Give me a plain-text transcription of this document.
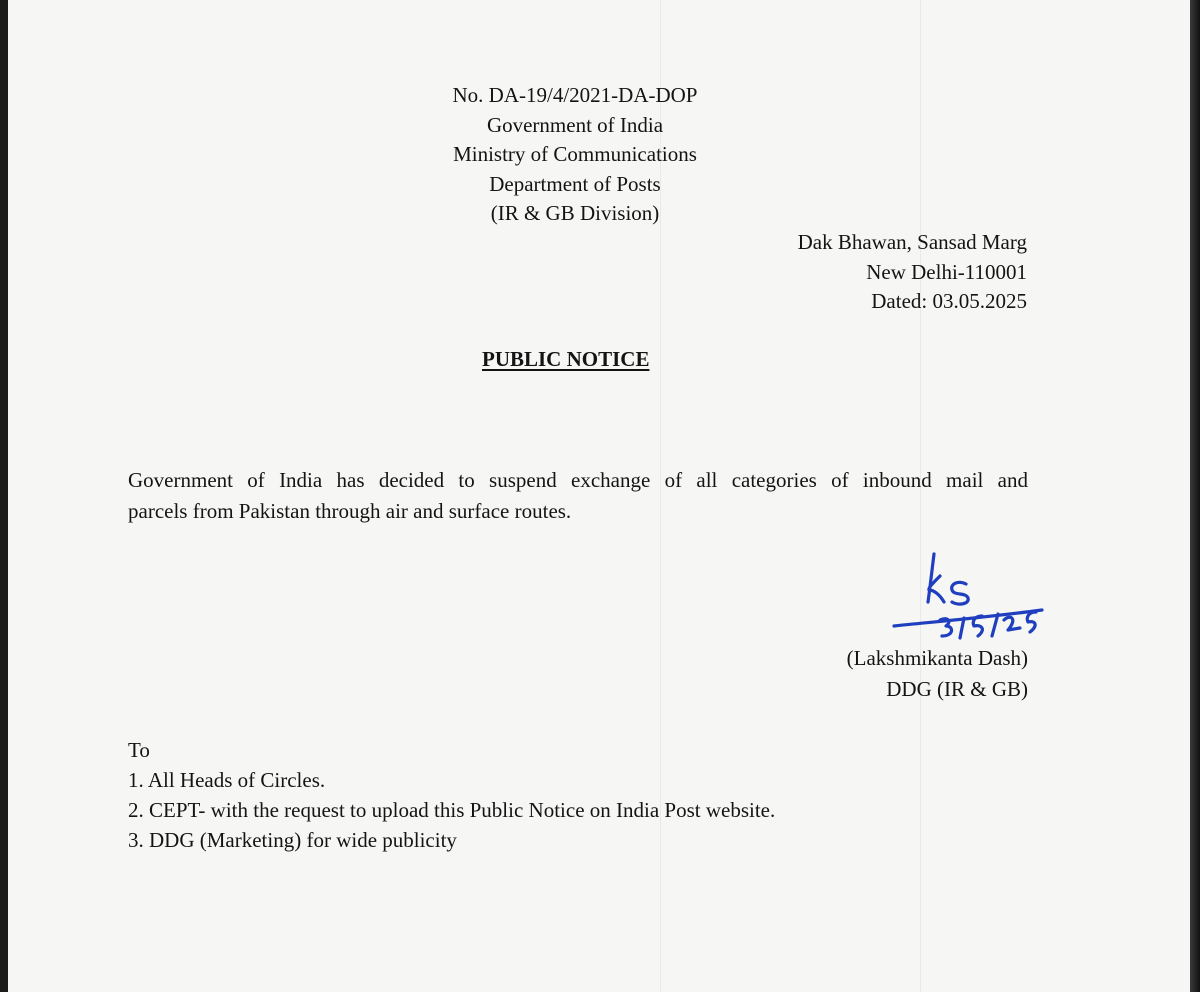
No. DA-19/4/2021-DA-DOP
Government of India
Ministry of Communications
Department of Posts
(IR & GB Division)
Dak Bhawan, Sansad Marg
New Delhi-110001
Dated: 03.05.2025
PUBLIC NOTICE
Government of India has decided to suspend exchange of all categories of inbound mail and
parcels from Pakistan through air and surface routes.
(Lakshmikanta Dash)
DDG (IR & GB)
To
1. All Heads of Circles.
2. CEPT- with the request to upload this Public Notice on India Post website.
3. DDG (Marketing) for wide publicity
